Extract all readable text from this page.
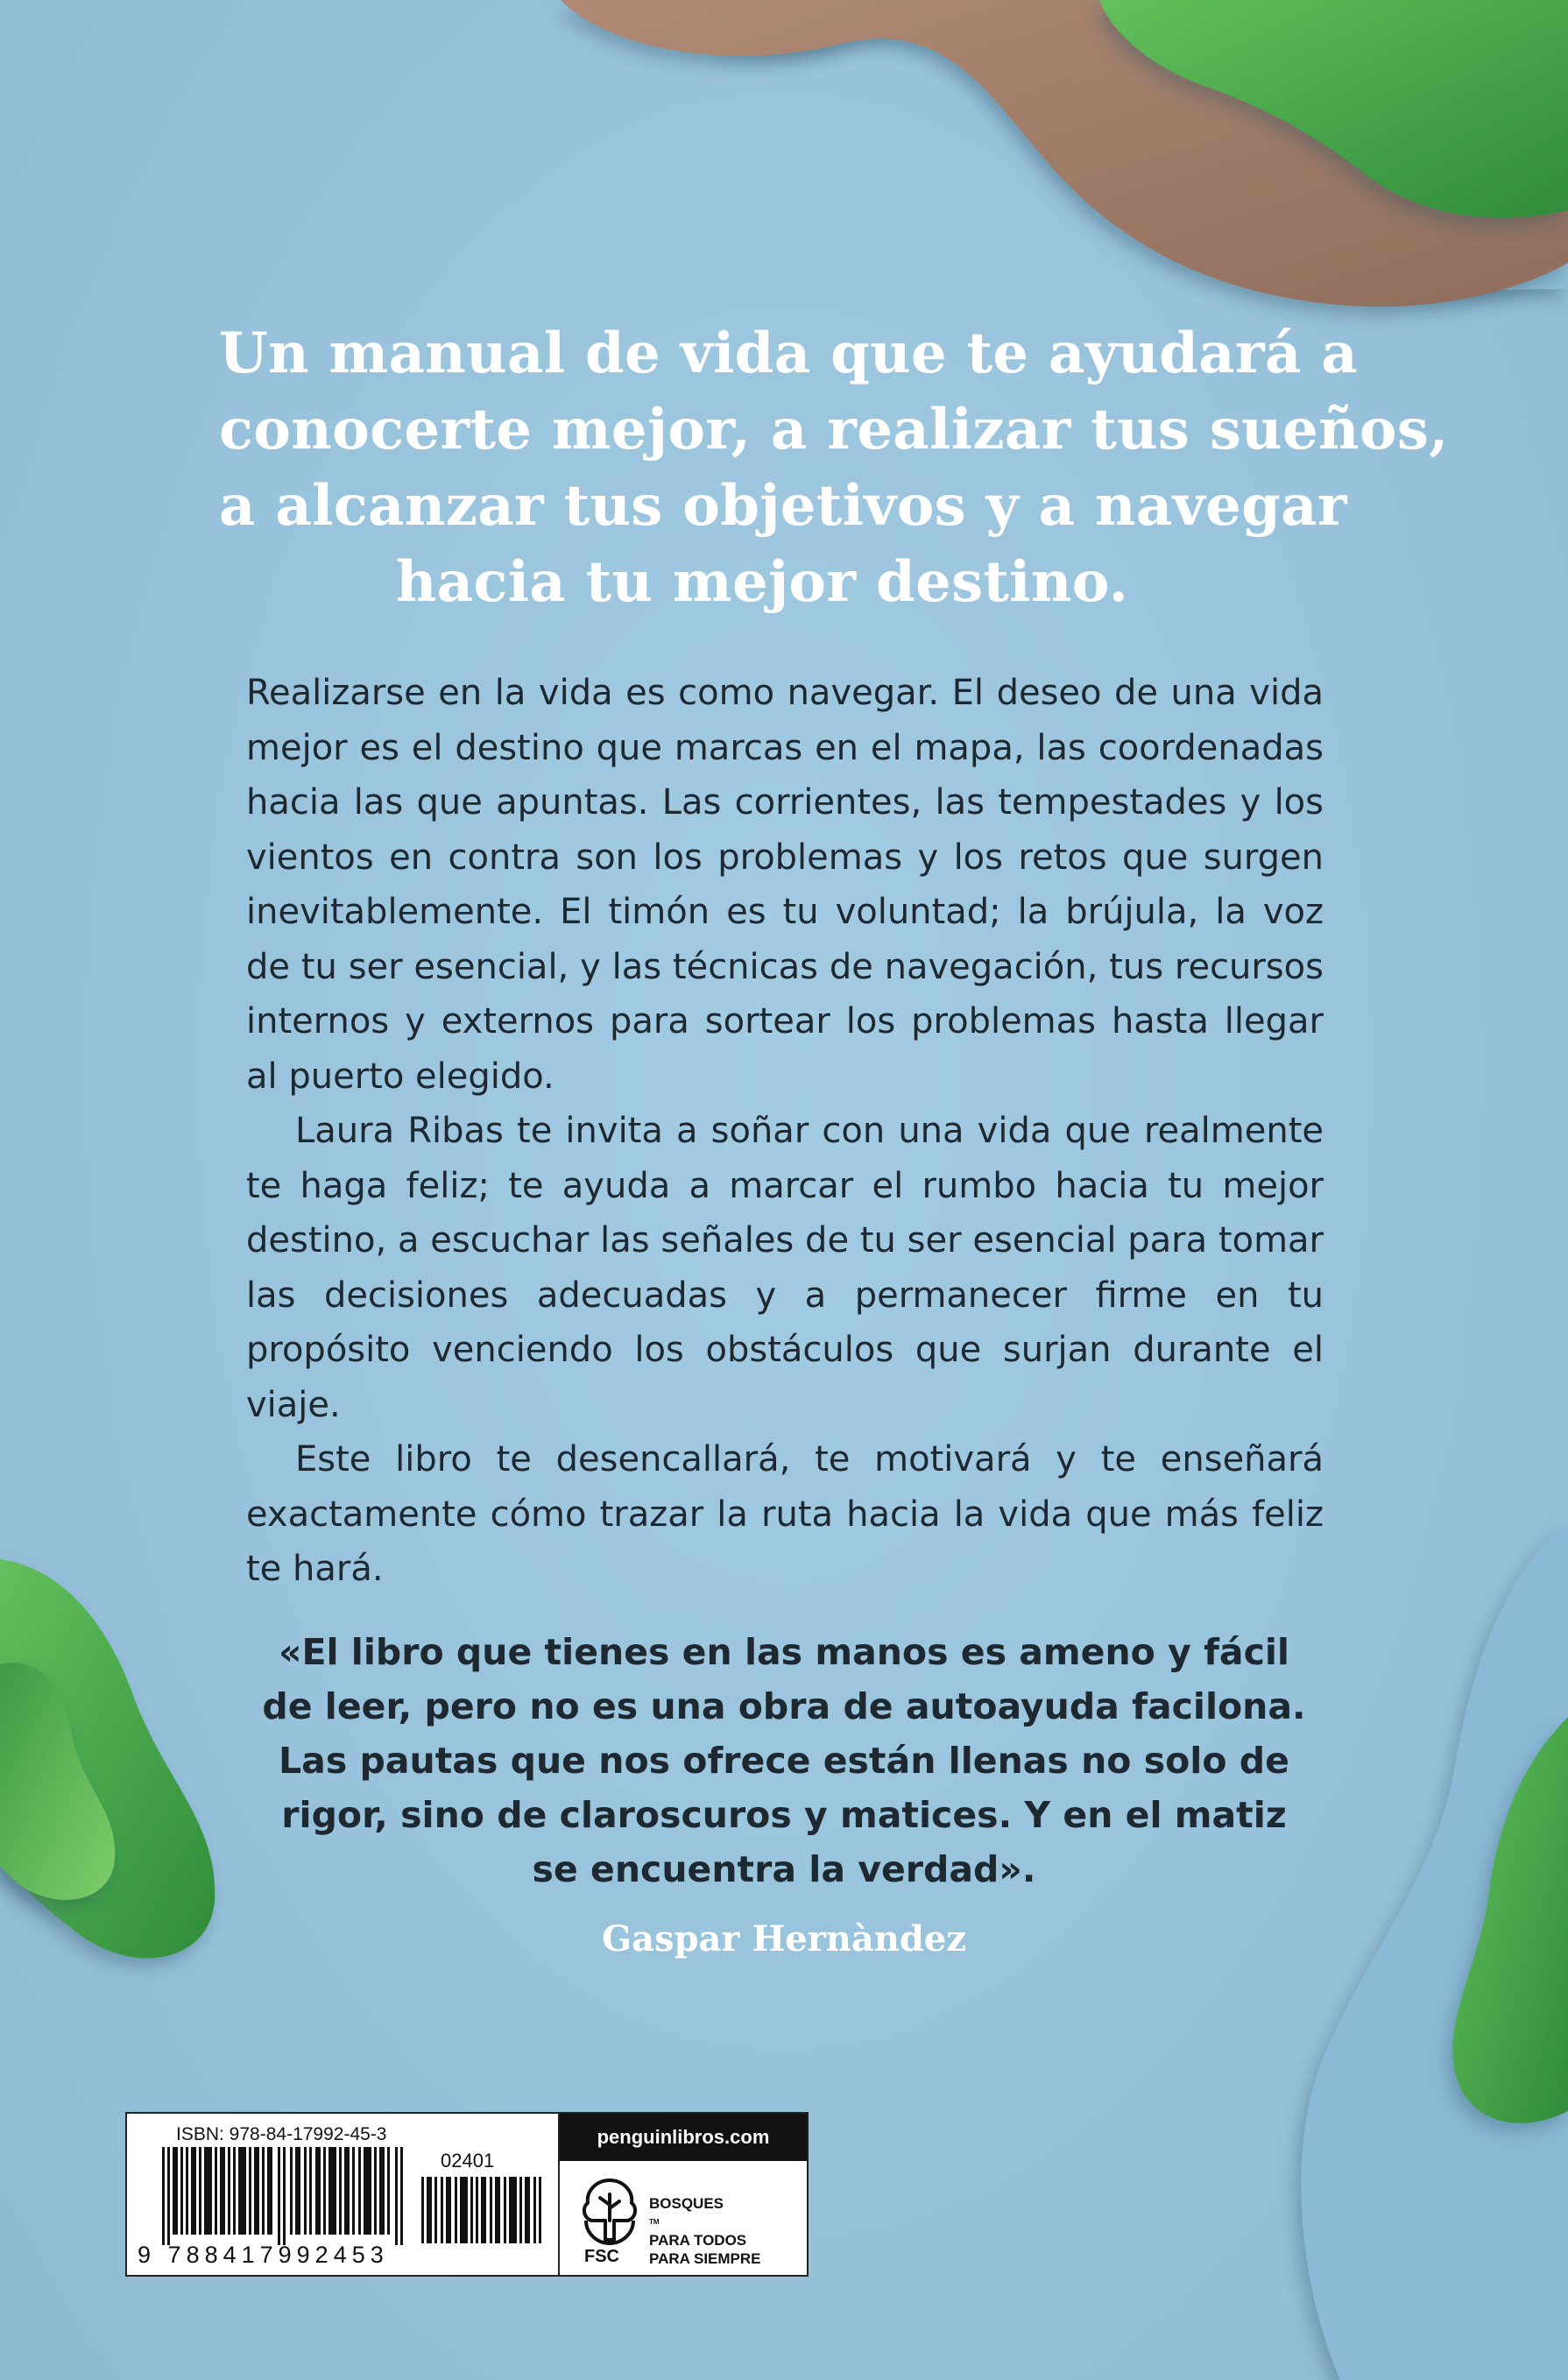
Un manual de vida que te ayudará a
conocerte mejor, a realizar tus sueños,
a alcanzar tus objetivos y a navegar
hacia tu mejor destino.

Realizarse en la vida es como navegar. El deseo de una vida mejor es el destino que marcas en el mapa, las coordenadas hacia las que apuntas. Las corrientes, las tempestades y los vientos en contra son los problemas y los retos que surgen inevitablemente. El timón es tu voluntad; la brújula, la voz de tu ser esencial, y las técnicas de navegación, tus recursos internos y externos para sortear los problemas hasta llegar al puerto elegido.

Laura Ribas te invita a soñar con una vida que realmente te haga feliz; te ayuda a marcar el rumbo hacia tu mejor destino, a escuchar las señales de tu ser esencial para tomar las decisiones adecuadas y a permanecer firme en tu propósito venciendo los obstáculos que surjan durante el viaje.

Este libro te desencallará, te motivará y te enseñará exactamente cómo trazar la ruta hacia la vida que más feliz te hará.

«El libro que tienes en las manos es ameno y fácil
de leer, pero no es una obra de autoayuda facilona.
Las pautas que nos ofrece están llenas no solo de
rigor, sino de claroscuros y matices. Y en el matiz
se encuentra la verdad».

Gaspar Hernàndez

ISBN: 978-84-17992-45-3
02401
9 788417992453
penguinlibros.com
FSC
BOSQUES
™
PARA TODOS
PARA SIEMPRE
